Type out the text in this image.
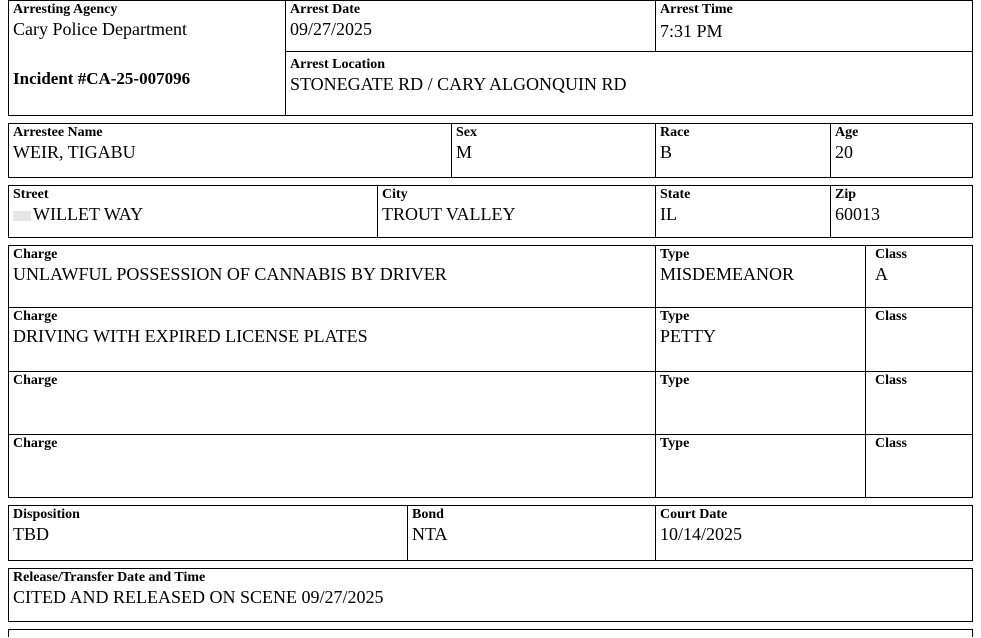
Arresting Agency
Cary Police Department
Incident #CA-25-007096
Arrest Date
09/27/2025
Arrest Time
7:31 PM
Arrest Location
STONEGATE RD / CARY ALGONQUIN RD
Arrestee Name
WEIR, TIGABU
Sex
M
Race
B
Age
20
Street
WILLET WAY
City
TROUT VALLEY
State
IL
Zip
60013
Charge
UNLAWFUL POSSESSION OF CANNABIS BY DRIVER
Type
MISDEMEANOR
Class
A
Charge
DRIVING WITH EXPIRED LICENSE PLATES
Type
PETTY
Class
Charge	Type	Class
Charge	Type	Class
Disposition
TBD
Bond
NTA
Court Date
10/14/2025
Release/Transfer Date and Time
CITED AND RELEASED ON SCENE 09/27/2025
